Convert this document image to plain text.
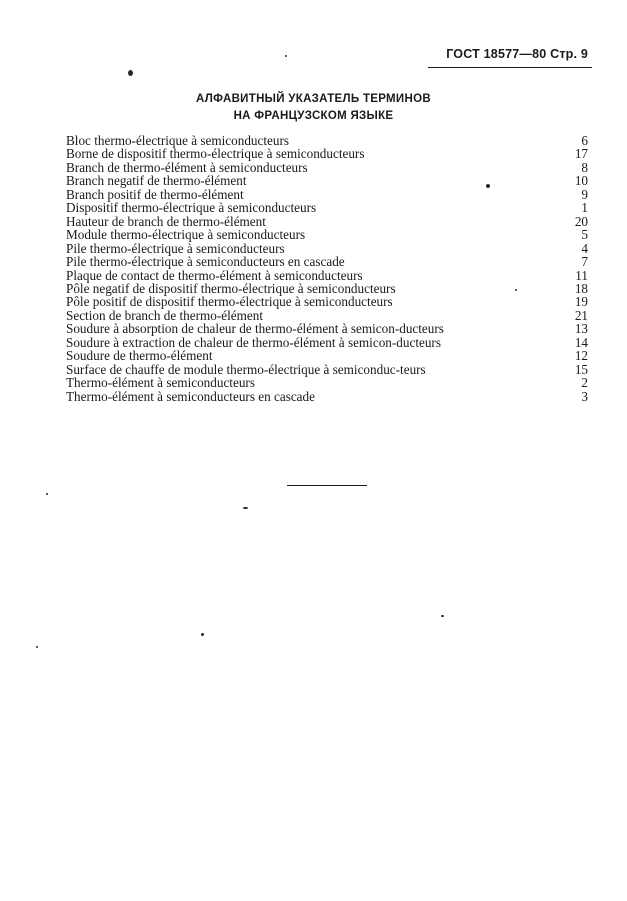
ГОСТ 18577—80 Стр. 9
АЛФАВИТНЫЙ УКАЗАТЕЛЬ ТЕРМИНОВ
НА ФРАНЦУЗСКОМ ЯЗЫКЕ
Bloc thermo-électrique à semiconducteurs	6
Borne de dispositif thermo-électrique à semiconducteurs	17
Branch de thermo-élément à semiconducteurs	8
Branch negatif de thermo-élément	10
Branch positif de thermo-élément	9
Dispositif thermo-électrique à semiconducteurs	1
Hauteur de branch de thermo-élément	20
Module thermo-électrique à semiconducteurs	5
Pile thermo-électrique à semiconducteurs	4
Pile thermo-électrique à semiconducteurs en cascade	7
Plaque de contact de thermo-élément à semiconducteurs	11
Pôle negatif de dispositif thermo-électrique à semiconducteurs	18
Pôle positif de dispositif thermo-électrique à semiconducteurs	19
Section de branch de thermo-élément	21
Soudure à absorption de chaleur de thermo-élément à semicon-ducteurs	13
Soudure à extraction de chaleur de thermo-élément à semicon-ducteurs	14
Soudure de thermo-élément	12
Surface de chauffe de module thermo-électrique à semiconduc-teurs	15
Thermo-élément à semiconducteurs	2
Thermo-élément à semiconducteurs en cascade	3
